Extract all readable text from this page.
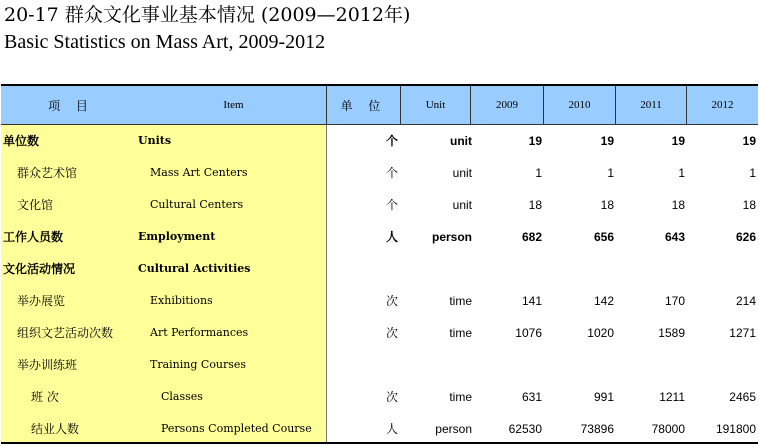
20-17 群众文化事业基本情况 (2009—2012年)
Basic Statistics on Mass Art, 2009-2012
项 目	Item	单 位	Unit	2009	2010	2011	2012
单位数	Units	个	unit	19	19	19	19
群众艺术馆	Mass Art Centers	个	unit	1	1	1	1
文化馆	Cultural Centers	个	unit	18	18	18	18
工作人员数	Employment	人	person	682	656	643	626
文化活动情况	Cultural Activities
举办展览	Exhibitions	次	time	141	142	170	214
组织文艺活动次数	Art Performances	次	time	1076	1020	1589	1271
举办训练班	Training Courses
班 次	Classes	次	time	631	991	1211	2465
结业人数	Persons Completed Course	人	person	62530	73896	78000	191800
